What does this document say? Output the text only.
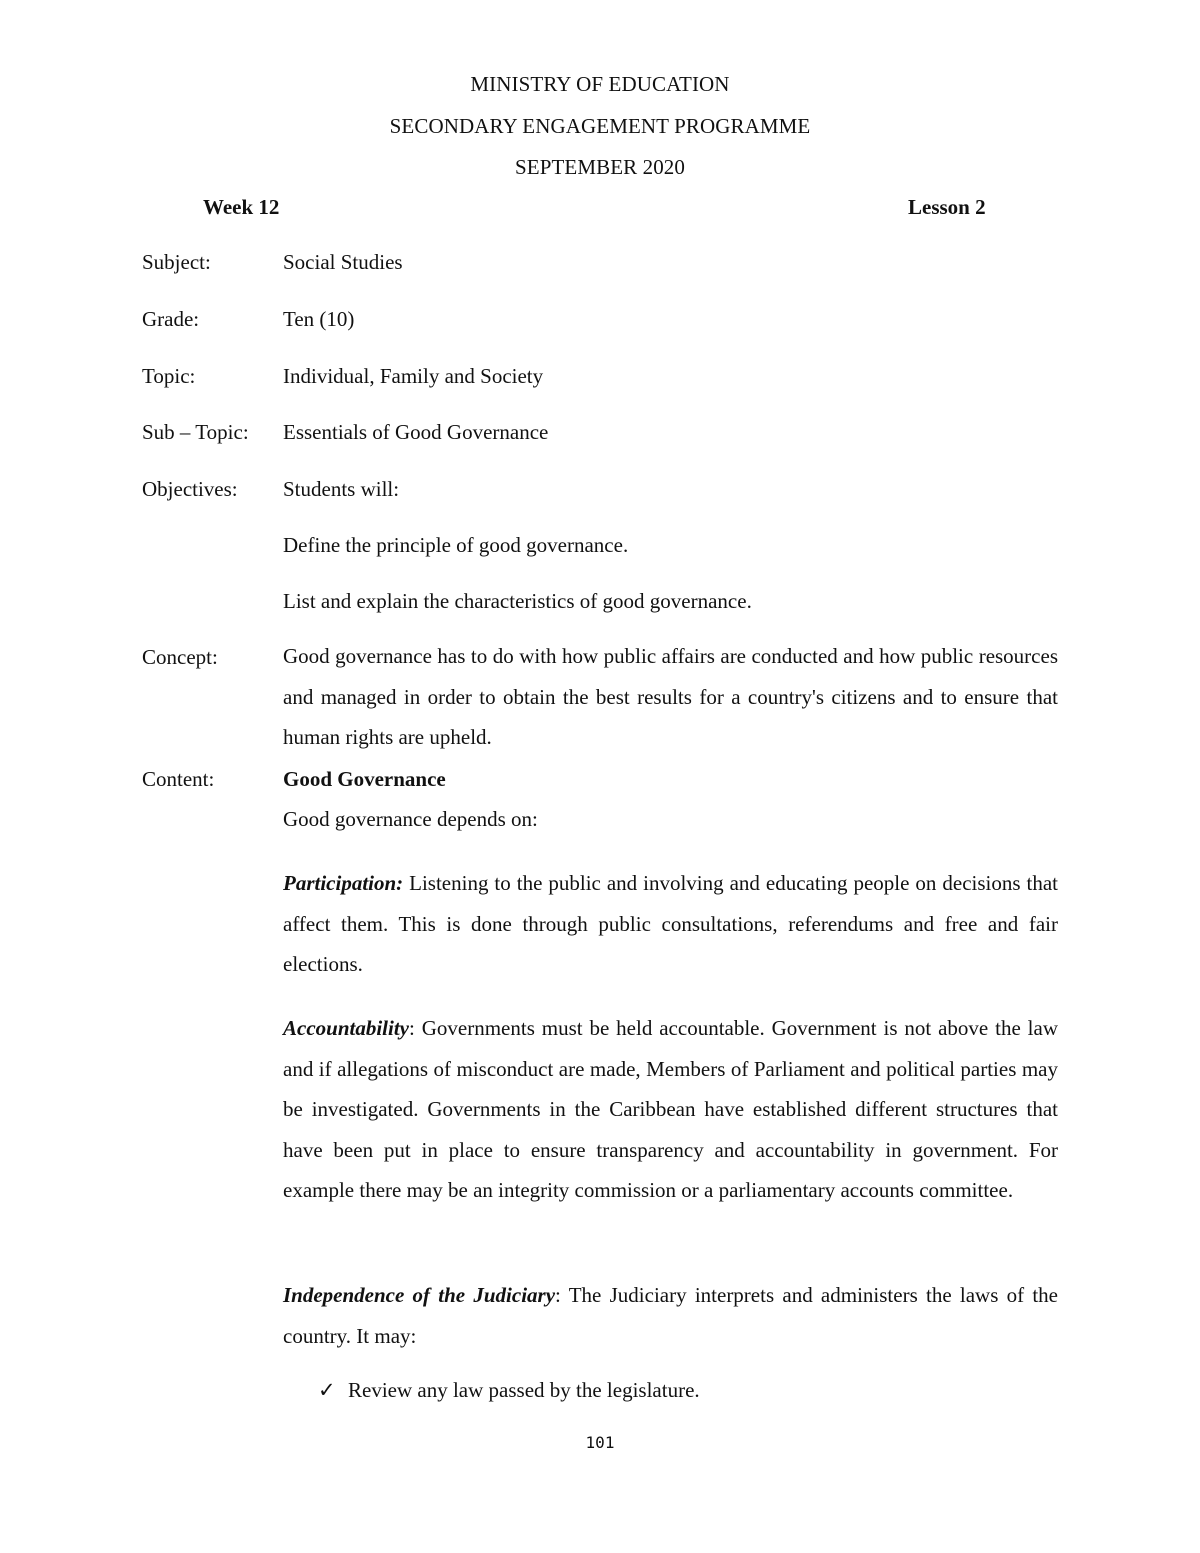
MINISTRY OF EDUCATION
SECONDARY ENGAGEMENT PROGRAMME
SEPTEMBER 2020
Week 12	Lesson 2
Subject:	Social Studies
Grade:	Ten (10)
Topic:	Individual, Family and Society
Sub – Topic: Essentials of Good Governance
Objectives: Students will:
Define the principle of good governance.
List and explain the characteristics of good governance.
Concept:	Good governance has to do with how public affairs are conducted and how public resources and managed in order to obtain the best results for a country's citizens and to ensure that human rights are upheld.
Content:	Good Governance
Good governance depends on:
Participation: Listening to the public and involving and educating people on decisions that affect them. This is done through public consultations, referendums and free and fair elections.
Accountability: Governments must be held accountable. Government is not above the law and if allegations of misconduct are made, Members of Parliament and political parties may be investigated. Governments in the Caribbean have established different structures that have been put in place to ensure transparency and accountability in government. For example there may be an integrity commission or a parliamentary accounts committee.
Independence of the Judiciary: The Judiciary interprets and administers the laws of the country. It may:
✓ Review any law passed by the legislature.
101
